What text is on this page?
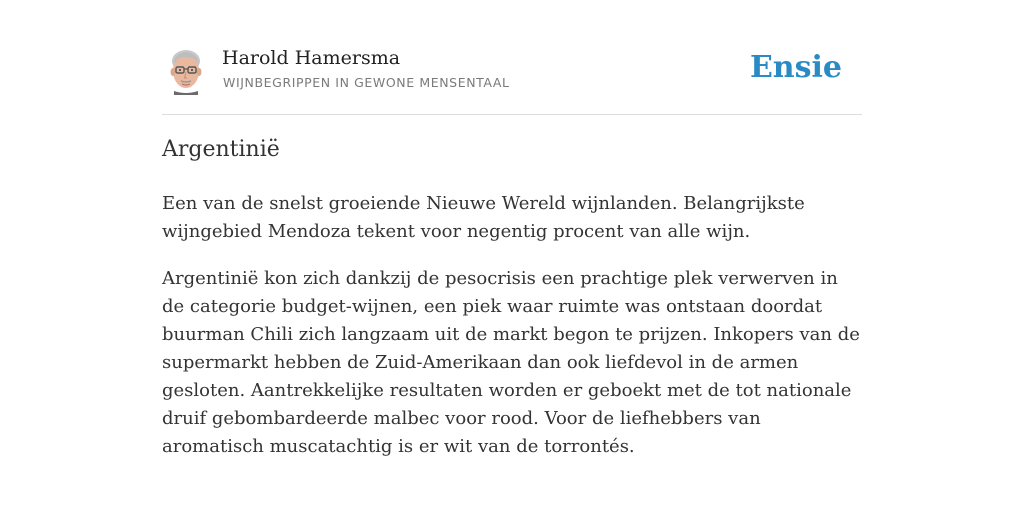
Harold Hamersma
WIJNBEGRIPPEN IN GEWONE MENSENTAAL	Ensie
Argentinië

Een van de snelst groeiende Nieuwe Wereld wijnlanden. Belangrijkste wijngebied Mendoza tekent voor negentig procent van alle wijn.

Argentinië kon zich dankzij de pesocrisis een prachtige plek verwerven in de categorie budget-wijnen, een piek waar ruimte was ontstaan doordat buurman Chili zich langzaam uit de markt begon te prijzen. Inkopers van de supermarkt hebben de Zuid-Amerikaan dan ook liefdevol in de armen gesloten. Aantrekkelijke resultaten worden er geboekt met de tot nationale druif gebombardeerde malbec voor rood. Voor de liefhebbers van aromatisch muscatachtig is er wit van de torrontés.
